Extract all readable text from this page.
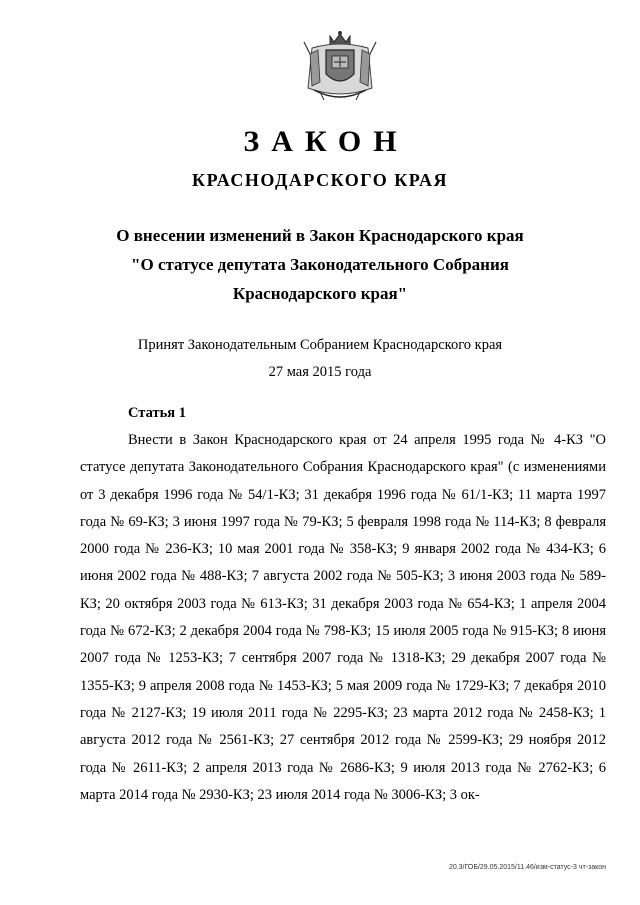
ЗАКОН
КРАСНОДАРСКОГО КРАЯ
О внесении изменений в Закон Краснодарского края
"О статусе депутата Законодательного Собрания
Краснодарского края"
Принят Законодательным Собранием Краснодарского края
27 мая 2015 года
Статья 1
Внести в Закон Краснодарского края от 24 апреля 1995 года № 4-КЗ "О статусе депутата Законодательного Собрания Краснодарского края" (с изменениями от 3 декабря 1996 года № 54/1-КЗ; 31 декабря 1996 года № 61/1-КЗ; 11 марта 1997 года № 69-КЗ; 3 июня 1997 года № 79-КЗ; 5 февраля 1998 года № 114-КЗ; 8 февраля 2000 года № 236-КЗ; 10 мая 2001 года № 358-КЗ; 9 января 2002 года № 434-КЗ; 6 июня 2002 года № 488-КЗ; 7 августа 2002 года № 505-КЗ; 3 июня 2003 года № 589-КЗ; 20 октября 2003 года № 613-КЗ; 31 декабря 2003 года № 654-КЗ; 1 апреля 2004 года № 672-КЗ; 2 декабря 2004 года № 798-КЗ; 15 июля 2005 года № 915-КЗ; 8 июня 2007 года № 1253-КЗ; 7 сентября 2007 года № 1318-КЗ; 29 декабря 2007 года № 1355-КЗ; 9 апреля 2008 года № 1453-КЗ; 5 мая 2009 года № 1729-КЗ; 7 декабря 2010 года № 2127-КЗ; 19 июля 2011 года № 2295-КЗ; 23 марта 2012 года № 2458-КЗ; 1 августа 2012 года № 2561-КЗ; 27 сентября 2012 года № 2599-КЗ; 29 ноября 2012 года № 2611-КЗ; 2 апреля 2013 года № 2686-КЗ; 9 июля 2013 года № 2762-КЗ; 6 марта 2014 года № 2930-КЗ; 23 июля 2014 года № 3006-КЗ; 3 ок-
20.3/ГОБ/29.05.2015/11.46/изм-статус-3 чт-закон
